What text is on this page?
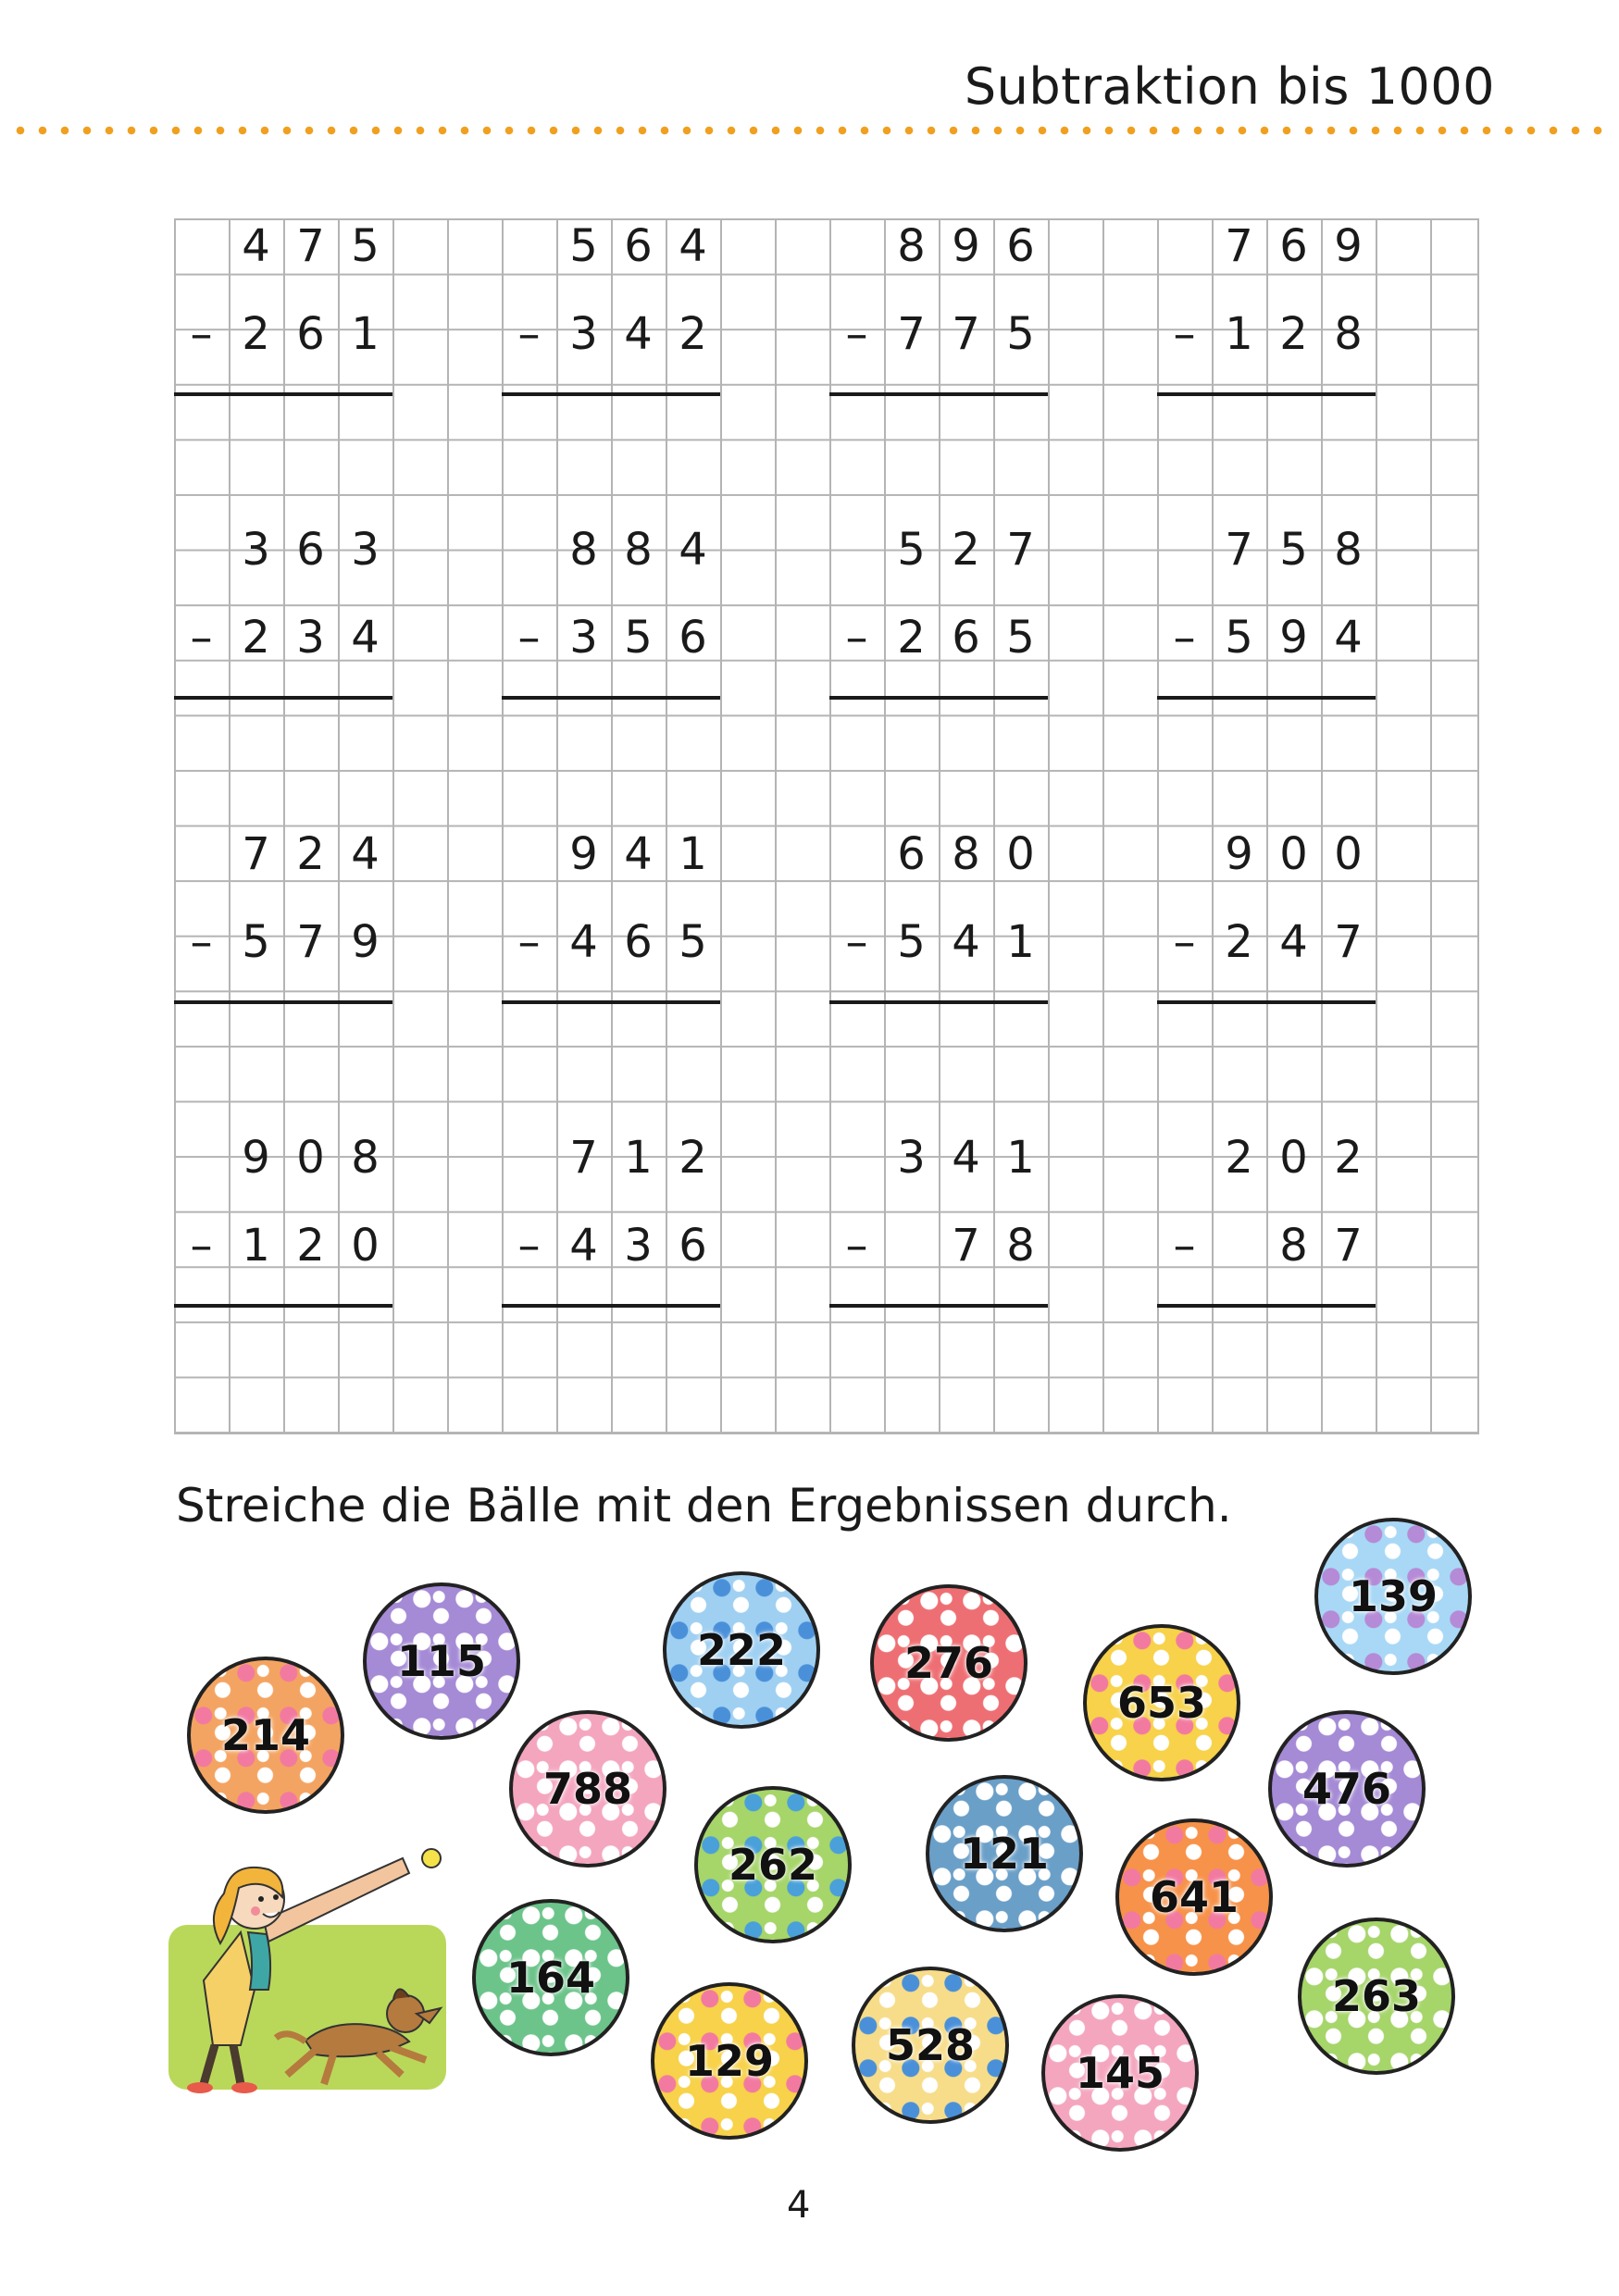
Subtraktion bis 1000
4 7 5
– 2 6 1
5 6 4
– 3 4 2
8 9 6
– 7 7 5
7 6 9
– 1 2 8
3 6 3
– 2 3 4
8 8 4
– 3 5 6
5 2 7
– 2 6 5
7 5 8
– 5 9 4
7 2 4
– 5 7 9
9 4 1
– 4 6 5
6 8 0
– 5 4 1
9 0 0
– 2 4 7
9 0 8
– 1 2 0
7 1 2
– 4 3 6
3 4 1
–	7 8
2 0 2
–	8 7
Streiche die Bälle mit den Ergebnissen durch.
214
115	222	276
653
139
788
262	121
641
476
164
129	528
145
263
4
